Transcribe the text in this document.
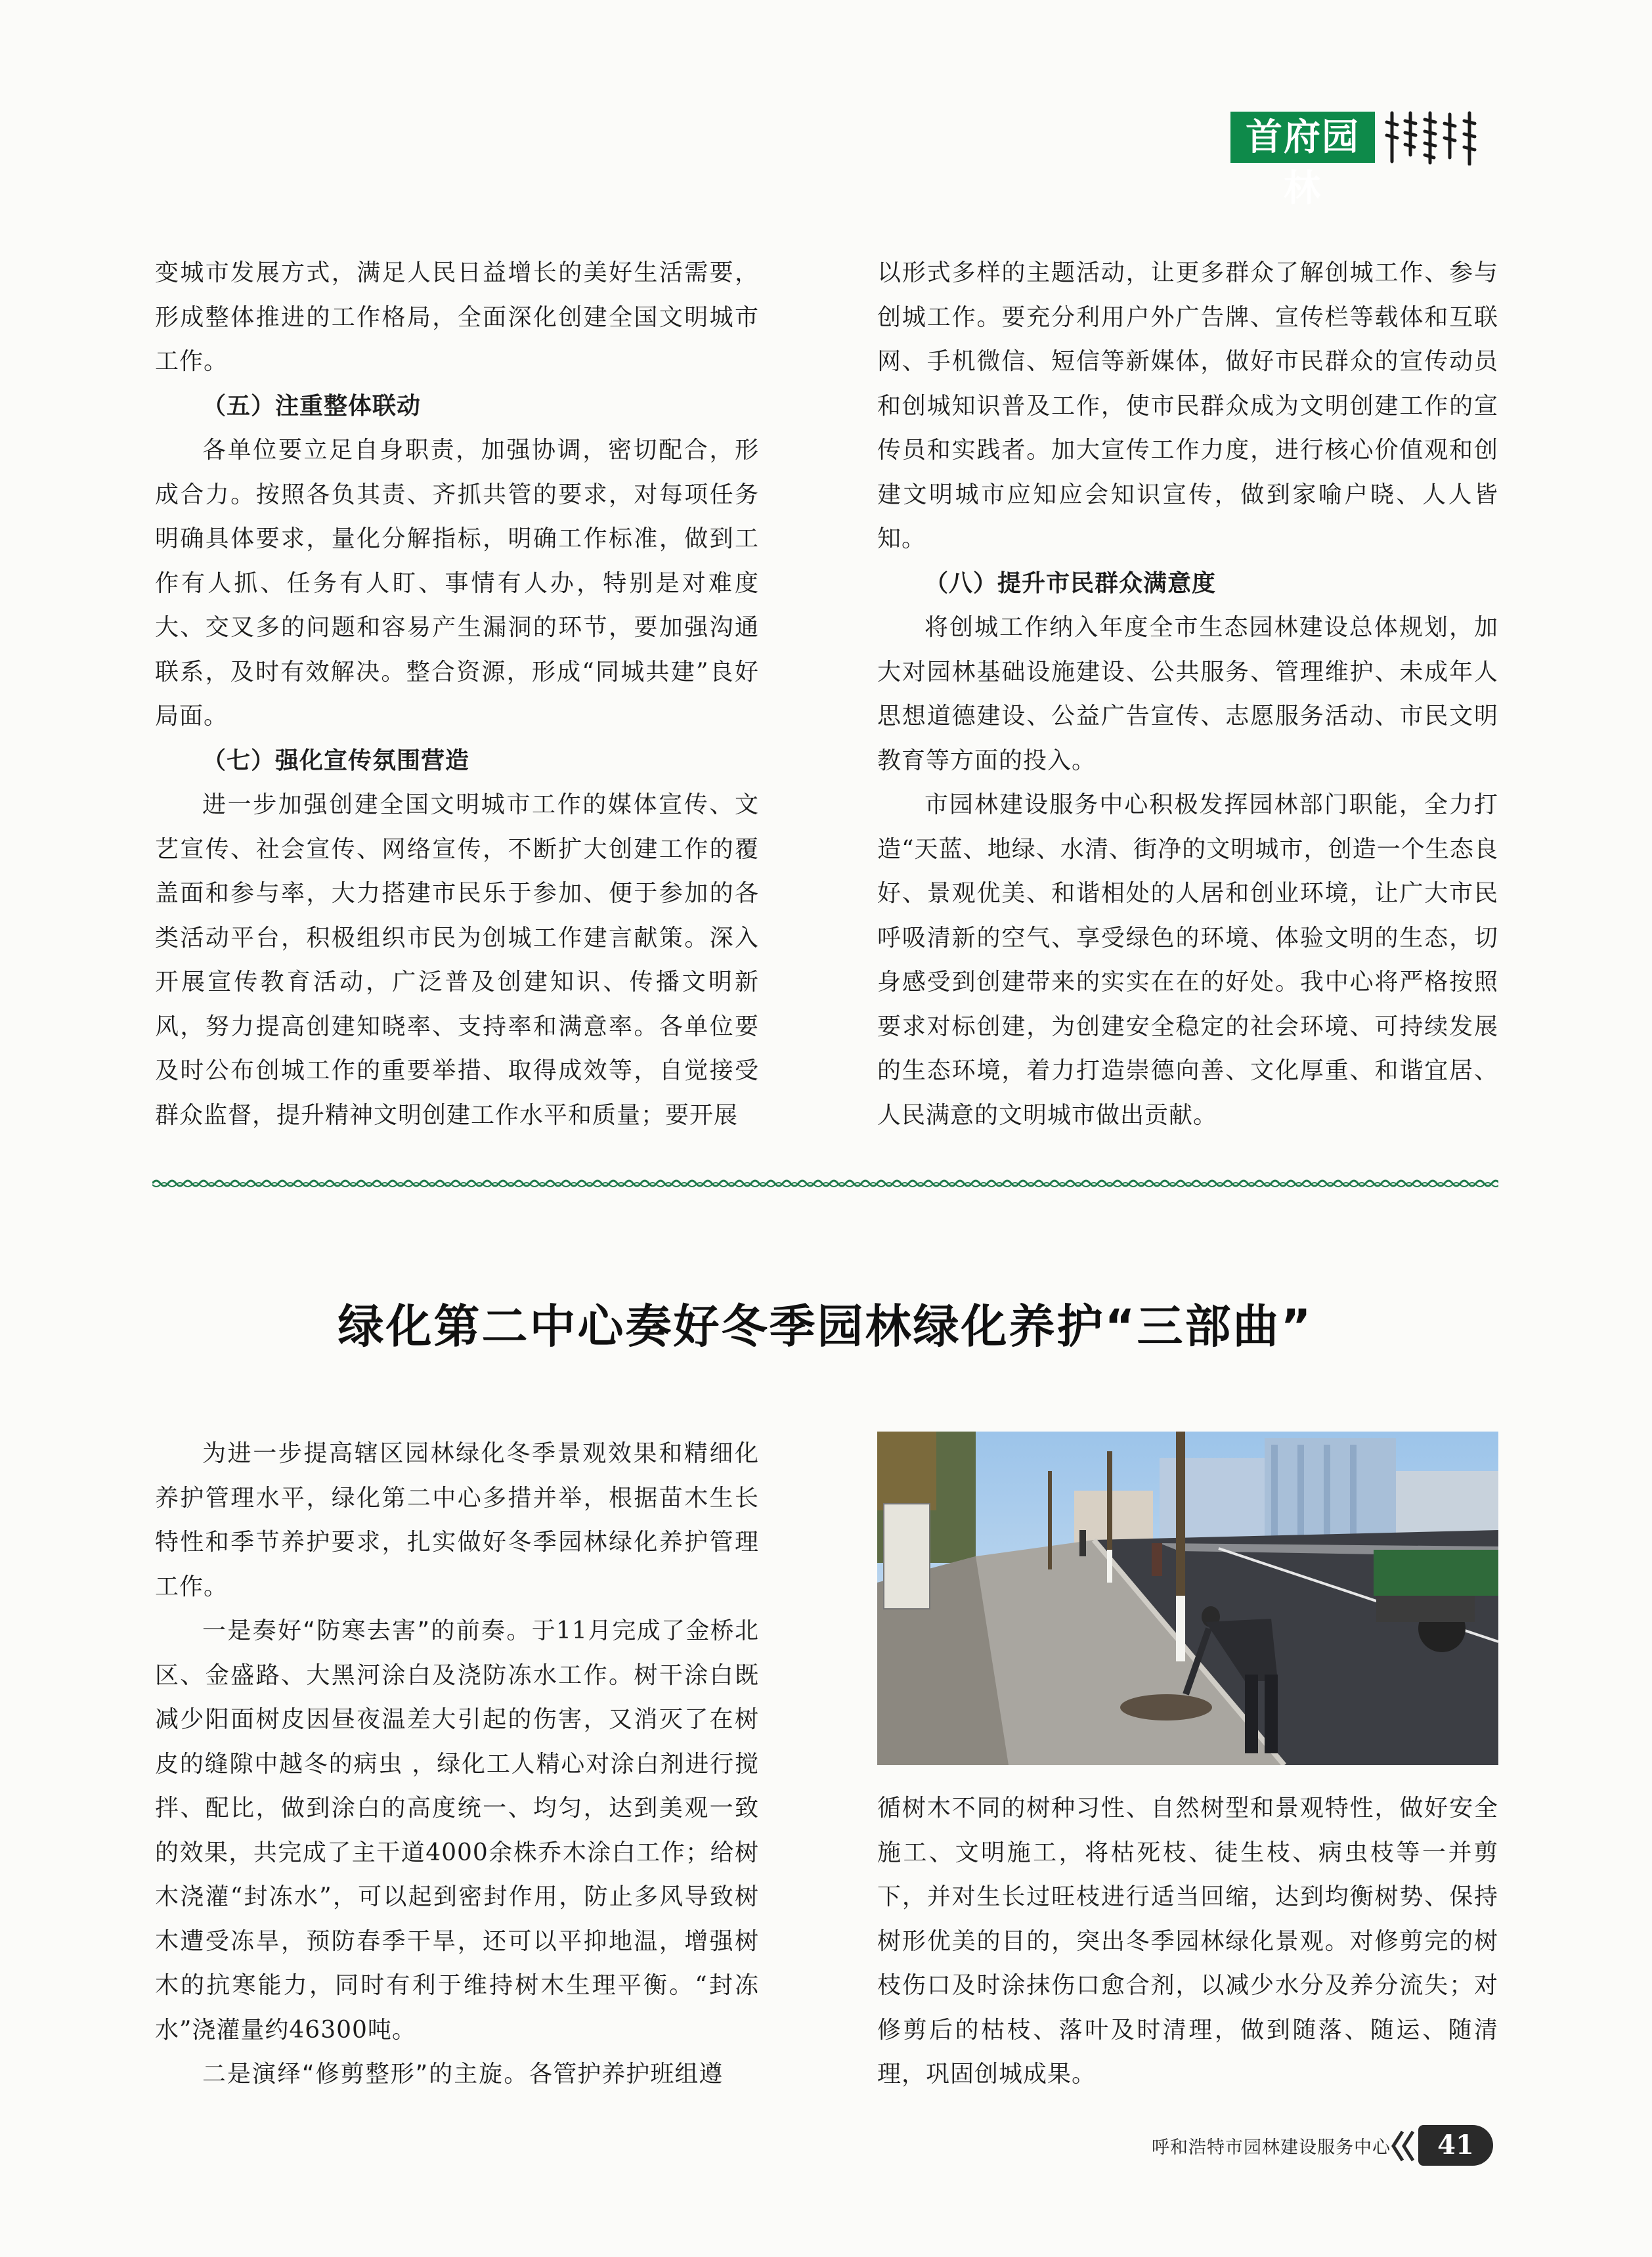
首府园林

变城市发展方式，满足人民日益增长的美好生活需要，形成整体推进的工作格局，全面深化创建全国文明城市工作。

（五）注重整体联动

各单位要立足自身职责，加强协调，密切配合，形成合力。按照各负其责、齐抓共管的要求，对每项任务明确具体要求，量化分解指标，明确工作标准，做到工作有人抓、任务有人盯、事情有人办，特别是对难度大、交叉多的问题和容易产生漏洞的环节，要加强沟通联系，及时有效解决。整合资源，形成“同城共建”良好局面。

（七）强化宣传氛围营造

进一步加强创建全国文明城市工作的媒体宣传、文艺宣传、社会宣传、网络宣传，不断扩大创建工作的覆盖面和参与率，大力搭建市民乐于参加、便于参加的各类活动平台，积极组织市民为创城工作建言献策。深入开展宣传教育活动，广泛普及创建知识、传播文明新风，努力提高创建知晓率、支持率和满意率。各单位要及时公布创城工作的重要举措、取得成效等，自觉接受群众监督，提升精神文明创建工作水平和质量；要开展

以形式多样的主题活动，让更多群众了解创城工作、参与创城工作。要充分利用户外广告牌、宣传栏等载体和互联网、手机微信、短信等新媒体，做好市民群众的宣传动员和创城知识普及工作，使市民群众成为文明创建工作的宣传员和实践者。加大宣传工作力度，进行核心价值观和创建文明城市应知应会知识宣传，做到家喻户晓、人人皆知。

（八）提升市民群众满意度

将创城工作纳入年度全市生态园林建设总体规划，加大对园林基础设施建设、公共服务、管理维护、未成年人思想道德建设、公益广告宣传、志愿服务活动、市民文明教育等方面的投入。

市园林建设服务中心积极发挥园林部门职能，全力打造“天蓝、地绿、水清、街净的文明城市，创造一个生态良好、景观优美、和谐相处的人居和创业环境，让广大市民呼吸清新的空气、享受绿色的环境、体验文明的生态，切身感受到创建带来的实实在在的好处。我中心将严格按照要求对标创建，为创建安全稳定的社会环境、可持续发展的生态环境，着力打造崇德向善、文化厚重、和谐宜居、人民满意的文明城市做出贡献。

绿化第二中心奏好冬季园林绿化养护“三部曲”

为进一步提高辖区园林绿化冬季景观效果和精细化养护管理水平，绿化第二中心多措并举，根据苗木生长特性和季节养护要求，扎实做好冬季园林绿化养护管理工作。

一是奏好“防寒去害”的前奏。于11月完成了金桥北区、金盛路、大黑河涂白及浇防冻水工作。树干涂白既减少阳面树皮因昼夜温差大引起的伤害，又消灭了在树皮的缝隙中越冬的病虫 ，绿化工人精心对涂白剂进行搅拌、配比，做到涂白的高度统一、均匀，达到美观一致的效果，共完成了主干道4000余株乔木涂白工作；给树木浇灌“封冻水”，可以起到密封作用，防止多风导致树木遭受冻旱，预防春季干旱，还可以平抑地温，增强树木的抗寒能力，同时有利于维持树木生理平衡。“封冻水”浇灌量约46300吨。

二是演绎“修剪整形”的主旋。各管护养护班组遵

循树木不同的树种习性、自然树型和景观特性，做好安全施工、文明施工，将枯死枝、徒生枝、病虫枝等一并剪下，并对生长过旺枝进行适当回缩，达到均衡树势、保持树形优美的目的，突出冬季园林绿化景观。对修剪完的树枝伤口及时涂抹伤口愈合剂，以减少水分及养分流失；对修剪后的枯枝、落叶及时清理，做到随落、随运、随清理，巩固创城成果。

呼和浩特市园林建设服务中心	41
